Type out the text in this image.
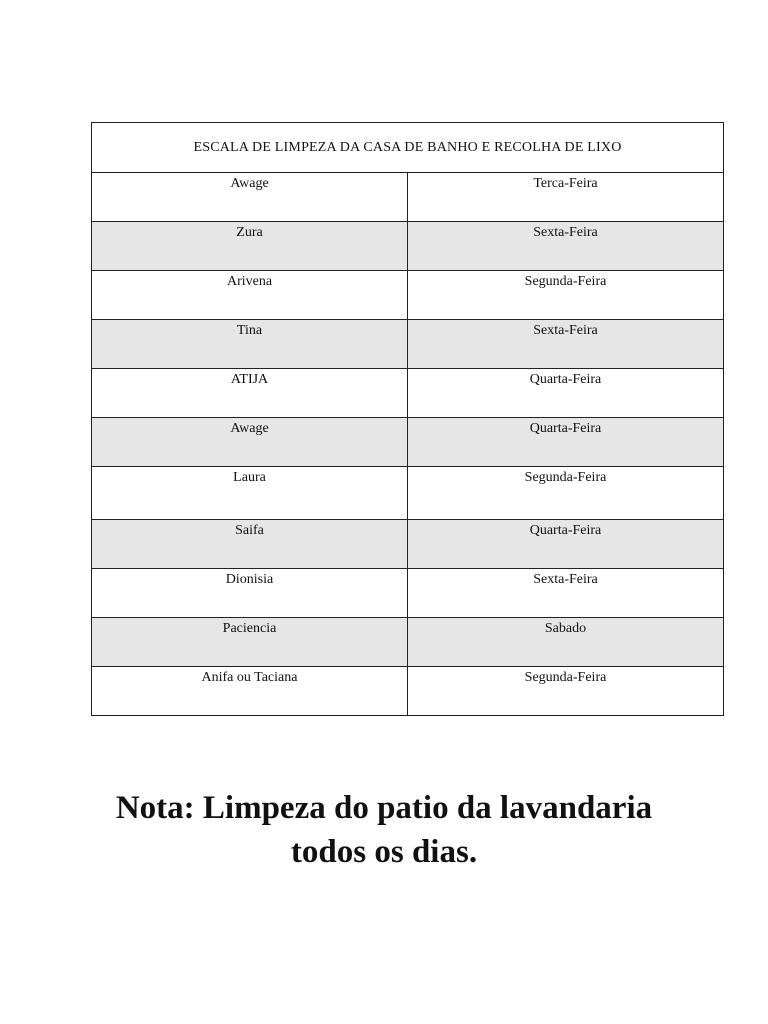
ESCALA DE LIMPEZA DA CASA DE BANHO E RECOLHA DE LIXO	
Awage	Terca-Feira
Zura	Sexta-Feira
Arivena	Segunda-Feira
Tina	Sexta-Feira
ATIJA	Quarta-Feira
Awage	Quarta-Feira
Laura	Segunda-Feira
Saifa	Quarta-Feira
Dionisia	Sexta-Feira
Paciencia	Sabado
Anifa ou Taciana	Segunda-Feira
Nota: Limpeza do patio da lavandaria
todos os dias.
